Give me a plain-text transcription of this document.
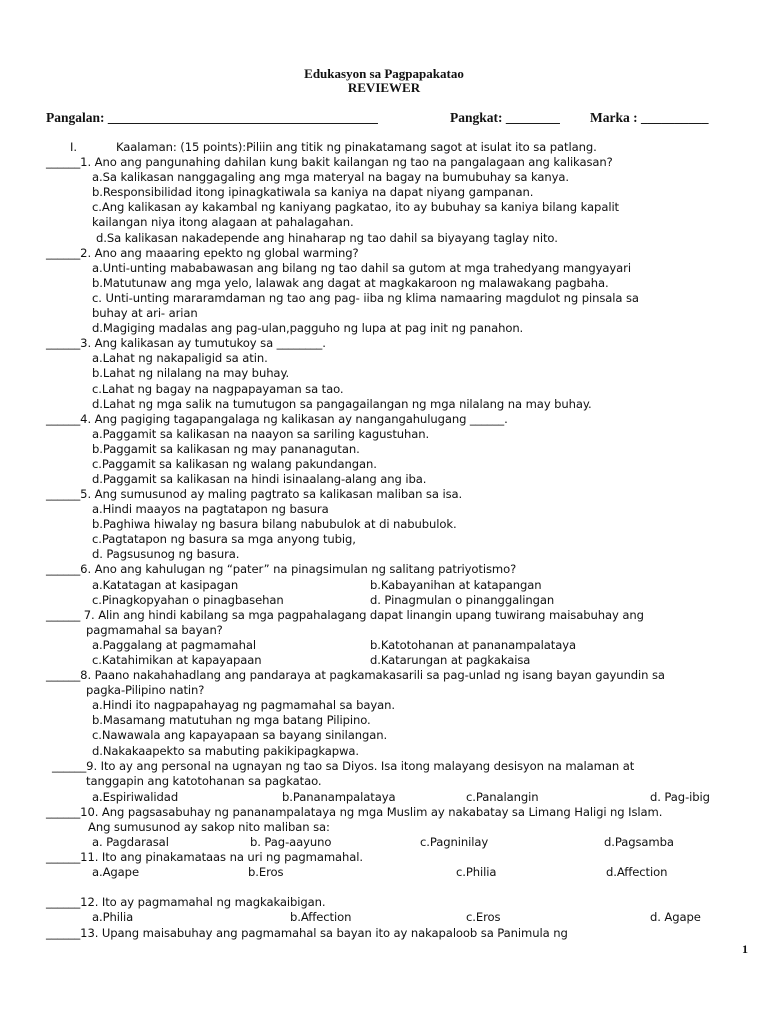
Edukasyon sa Pagpapakatao
REVIEWER
Pangalan: ________________________________________	Pangkat: ________ Marka : __________
I.	Kaalaman: (15 points):Piliin ang titik ng pinakatamang sagot at isulat ito sa patlang.
______1. Ano ang pangunahing dahilan kung bakit kailangan ng tao na pangalagaan ang kalikasan?
a.Sa kalikasan nanggagaling ang mga materyal na bagay na bumubuhay sa kanya.
b.Responsibilidad itong ipinagkatiwala sa kaniya na dapat niyang gampanan.
c.Ang kalikasan ay kakambal ng kaniyang pagkatao, ito ay bubuhay sa kaniya bilang kapalit
kailangan niya itong alagaan at pahalagahan.
d.Sa kalikasan nakadepende ang hinaharap ng tao dahil sa biyayang taglay nito.
______2. Ano ang maaaring epekto ng global warming?
a.Unti-unting mababawasan ang bilang ng tao dahil sa gutom at mga trahedyang mangyayari
b.Matutunaw ang mga yelo, lalawak ang dagat at magkakaroon ng malawakang pagbaha.
c. Unti-unting mararamdaman ng tao ang pag- iiba ng klima namaaring magdulot ng pinsala sa
buhay at ari- arian
d.Magiging madalas ang pag-ulan,pagguho ng lupa at pag init ng panahon.
______3. Ang kalikasan ay tumutukoy sa ________.
a.Lahat ng nakapaligid sa atin.
b.Lahat ng nilalang na may buhay.
c.Lahat ng bagay na nagpapayaman sa tao.
d.Lahat ng mga salik na tumutugon sa pangagailangan ng mga nilalang na may buhay.
______4. Ang pagiging tagapangalaga ng kalikasan ay nangangahulugang ______.
a.Paggamit sa kalikasan na naayon sa sariling kagustuhan.
b.Paggamit sa kalikasan ng may pananagutan.
c.Paggamit sa kalikasan ng walang pakundangan.
d.Paggamit sa kalikasan na hindi isinaalang-alang ang iba.
______5. Ang sumusunod ay maling pagtrato sa kalikasan maliban sa isa.
a.Hindi maayos na pagtatapon ng basura
b.Paghiwa hiwalay ng basura bilang nabubulok at di nabubulok.
c.Pagtatapon ng basura sa mga anyong tubig,
d. Pagsusunog ng basura.
______6. Ano ang kahulugan ng “pater” na pinagsimulan ng salitang patriyotismo?
a.Katatagan at kasipagan	b.Kabayanihan at katapangan
c.Pinagkopyahan o pinagbasehan	d. Pinagmulan o pinanggalingan
______ 7. Alin ang hindi kabilang sa mga pagpahalagang dapat linangin upang tuwirang maisabuhay ang
pagmamahal sa bayan?
a.Paggalang at pagmamahal	b.Katotohanan at pananampalataya
c.Katahimikan at kapayapaan	d.Katarungan at pagkakaisa
______8. Paano nakahahadlang ang pandaraya at pagkamakasarili sa pag-unlad ng isang bayan gayundin sa
pagka-Pilipino natin?
a.Hindi ito nagpapahayag ng pagmamahal sa bayan.
b.Masamang matutuhan ng mga batang Pilipino.
c.Nawawala ang kapayapaan sa bayang sinilangan.
d.Nakakaapekto sa mabuting pakikipagkapwa.
______9. Ito ay ang personal na ugnayan ng tao sa Diyos. Isa itong malayang desisyon na malaman at
tanggapin ang katotohanan sa pagkatao.
a.Espiriwalidad	b.Pananampalataya	c.Panalangin	d. Pag-ibig
______10. Ang pagsasabuhay ng pananampalataya ng mga Muslim ay nakabatay sa Limang Haligi ng Islam.
Ang sumusunod ay sakop nito maliban sa:
a. Pagdarasal	b. Pag-aayuno	c.Pagninilay	d.Pagsamba
______11. Ito ang pinakamataas na uri ng pagmamahal.
a.Agape	b.Eros	c.Philia	d.Affection
______12. Ito ay pagmamahal ng magkakaibigan.
a.Philia	b.Affection	c.Eros	d. Agape
______13. Upang maisabuhay ang pagmamahal sa bayan ito ay nakapaloob sa Panimula ng
1
